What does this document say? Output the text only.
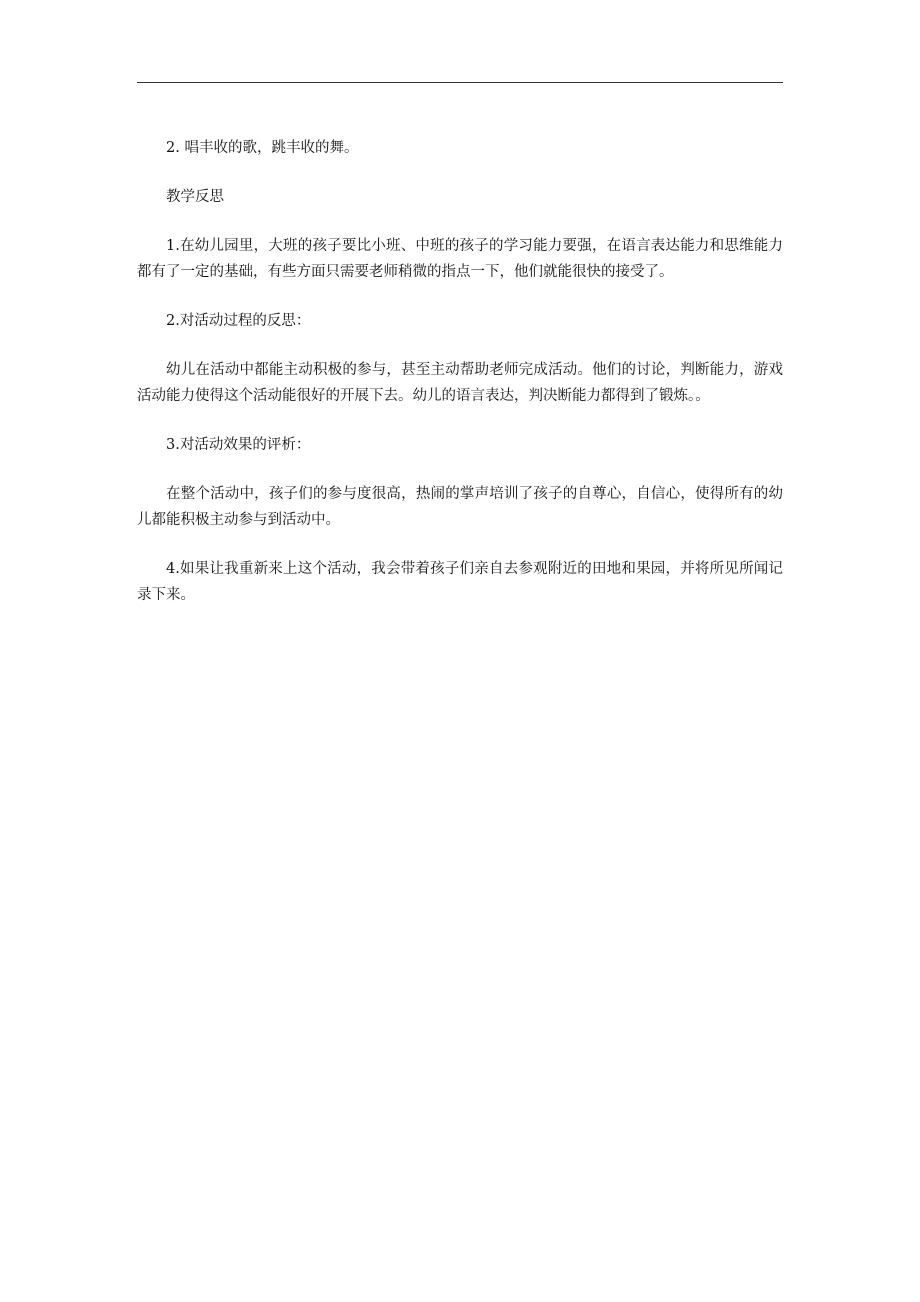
2. 唱丰收的歌，跳丰收的舞。

教学反思

1.在幼儿园里，大班的孩子要比小班、中班的孩子的学习能力要强，在语言表达能力和思维能力都有了一定的基础，有些方面只需要老师稍微的指点一下，他们就能很快的接受了。

2.对活动过程的反思：

幼儿在活动中都能主动积极的参与，甚至主动帮助老师完成活动。他们的讨论，判断能力，游戏活动能力使得这个活动能很好的开展下去。幼儿的语言表达，判决断能力都得到了锻炼。。

3.对活动效果的评析：

在整个活动中，孩子们的参与度很高，热闹的掌声培训了孩子的自尊心，自信心，使得所有的幼儿都能积极主动参与到活动中。

4.如果让我重新来上这个活动，我会带着孩子们亲自去参观附近的田地和果园，并将所见所闻记录下来。
